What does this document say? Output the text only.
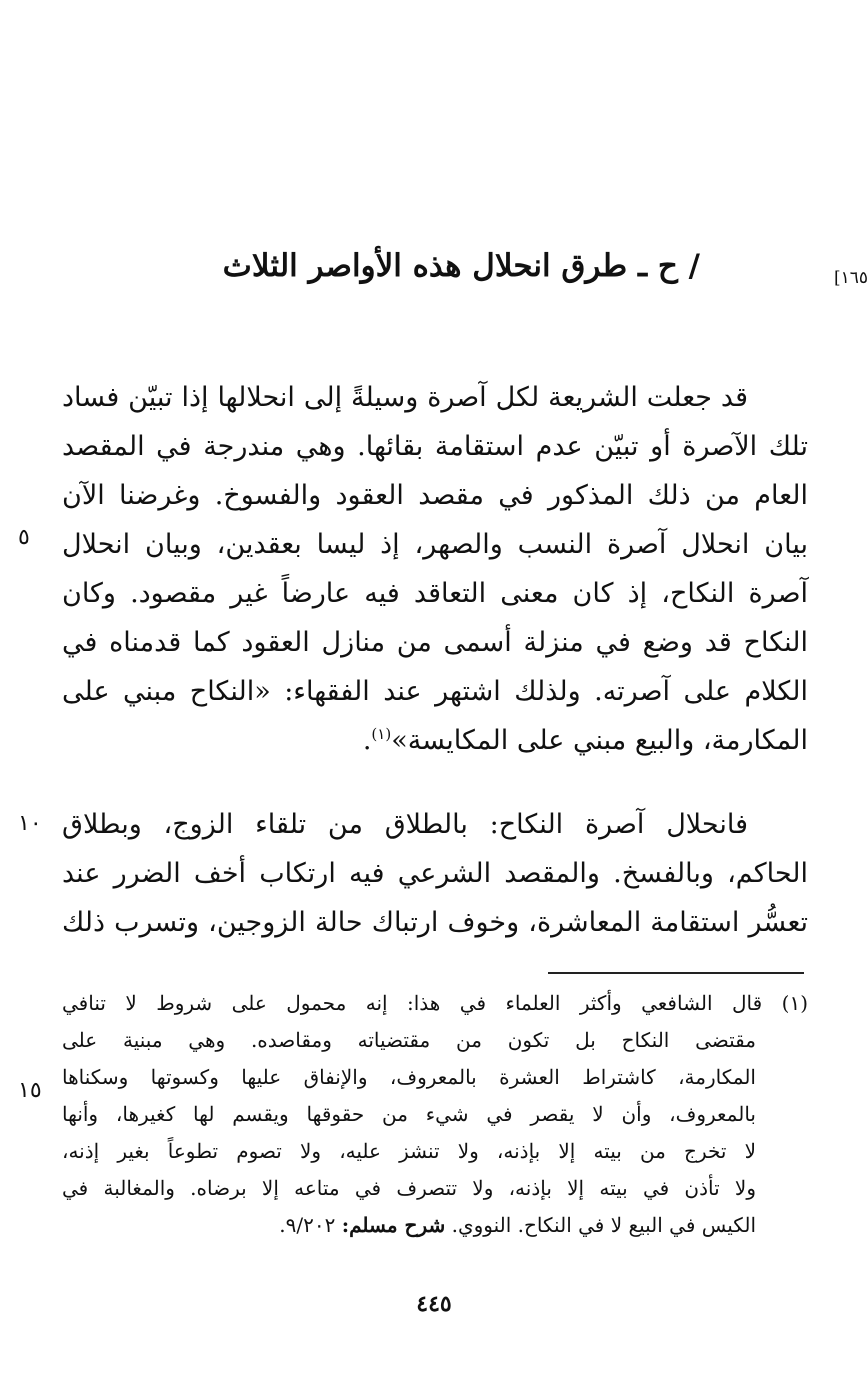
[١٦٥
/ ح ـ طرق انحلال هذه الأواصر الثلاث
قد جعلت الشريعة لكل آصرة وسيلةً إلى انحلالها إذا تبيّن فساد
تلك الآصرة أو تبيّن عدم استقامة بقائها. وهي مندرجة في المقصد
العام من ذلك المذكور في مقصد العقود والفسوخ. وغرضنا الآن
بيان انحلال آصرة النسب والصهر، إذ ليسا بعقدين، وبيان انحلال
آصرة النكاح، إذ كان معنى التعاقد فيه عارضاً غير مقصود. وكان
النكاح قد وضع في منزلة أسمى من منازل العقود كما قدمناه في
الكلام على آصرته. ولذلك اشتهر عند الفقهاء: «النكاح مبني على
المكارمة، والبيع مبني على المكايسة»$^{(١)}$.
٥
فانحلال آصرة النكاح: بالطلاق من تلقاء الزوج، وبطلاق
الحاكم، وبالفسخ. والمقصد الشرعي فيه ارتكاب أخف الضرر عند
تعسُّر استقامة المعاشرة، وخوف ارتباك حالة الزوجين، وتسرب ذلك
١٠
(١) قال الشافعي وأكثر العلماء في هذا: إنه محمول على شروط لا تنافي
مقتضى النكاح بل تكون من مقتضياته ومقاصده. وهي مبنية على
المكارمة، كاشتراط العشرة بالمعروف، والإنفاق عليها وكسوتها وسكناها
بالمعروف، وأن لا يقصر في شيء من حقوقها ويقسم لها كغيرها، وأنها
لا تخرج من بيته إلا بإذنه، ولا تنشز عليه، ولا تصوم تطوعاً بغير إذنه،
ولا تأذن في بيته إلا بإذنه، ولا تتصرف في متاعه إلا برضاه. والمغالبة في
الكيس في البيع لا في النكاح. النووي. شرح مسلم: ٩/٢٠٢.
١٥
٤٤٥
